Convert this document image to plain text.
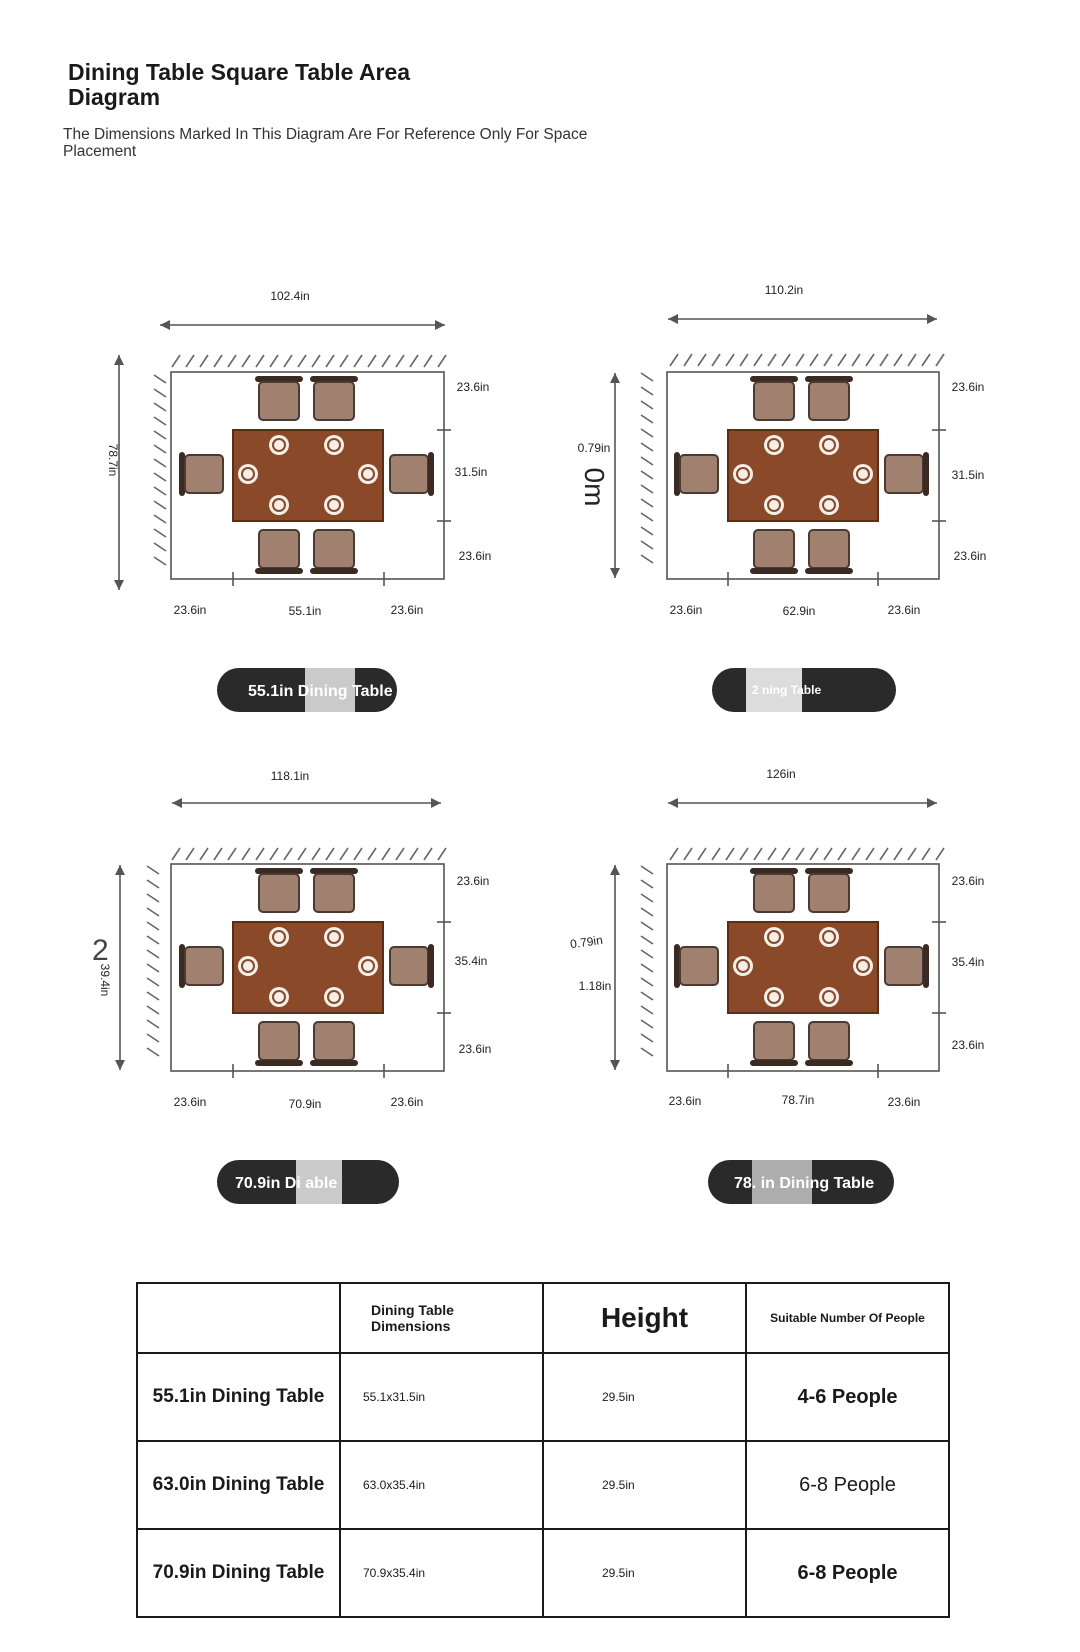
Dining Table Square Table Area Diagram

The Dimensions Marked In This Diagram Are For Reference Only For Space Placement

102.4in
78.7in
23.6in
31.5in
23.6in
23.6in	55.1in	23.6in
55.1in Dining Table
110.2in
0.79in
0m
23.6in
31.5in
23.6in
23.6in	62.9in	23.6in
2 ning Table
118.1in
2
39.4in
23.6in
35.4in
23.6in
23.6in	70.9in	23.6in
70.9in Di able
126in
0.79in
1.18in
23.6in
35.4in
23.6in
23.6in	78.7in	23.6in
78. in Dining Table
	Dining Table Dimensions	Height	Suitable Number Of People
55.1in Dining Table	55.1x31.5in	29.5in	4-6 People
63.0in Dining Table	63.0x35.4in	29.5in	6-8 People
70.9in Dining Table	70.9x35.4in	29.5in	6-8 People
